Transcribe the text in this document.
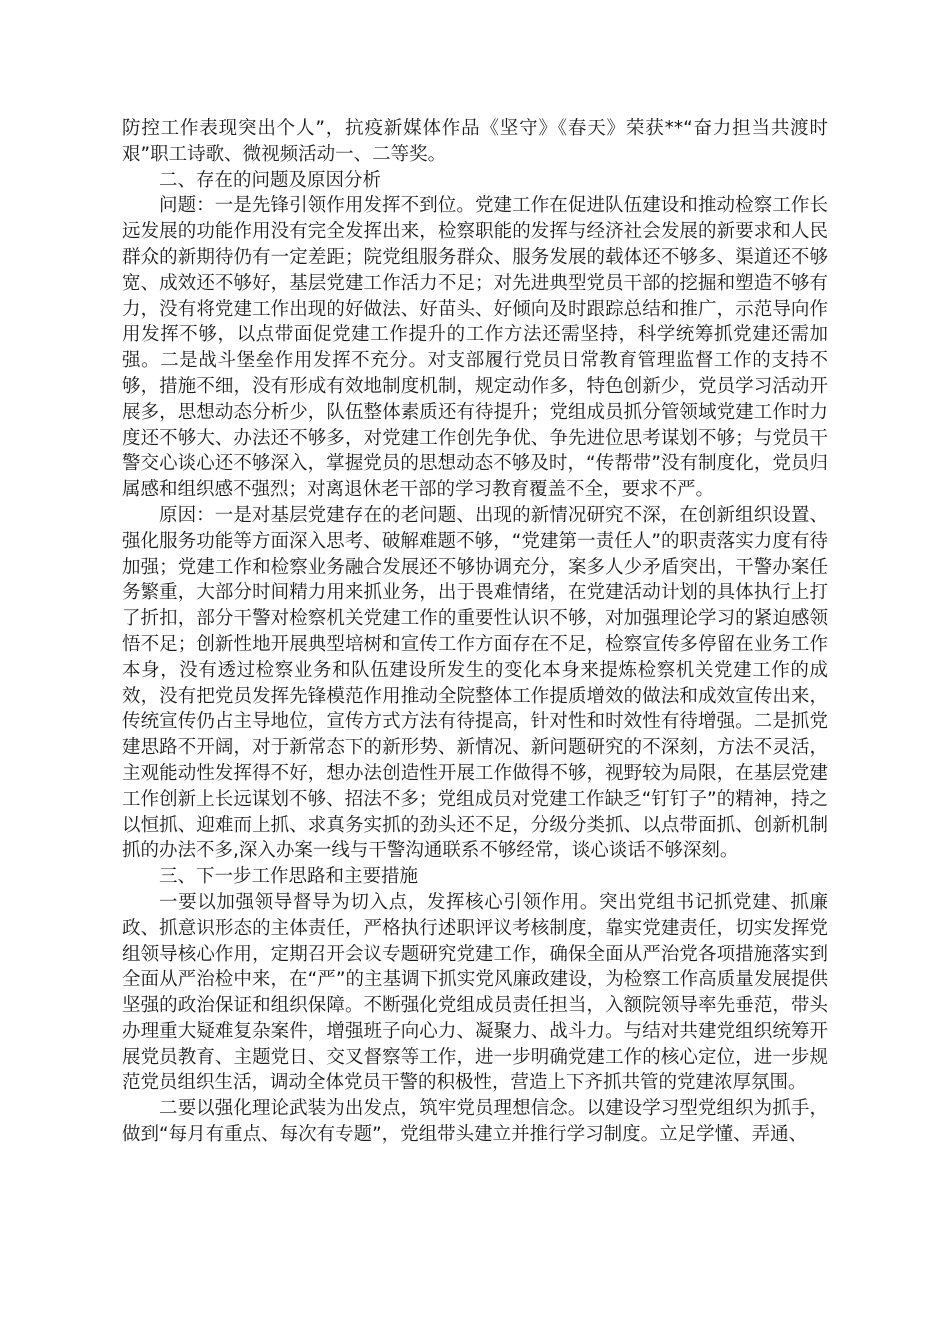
防控工作表现突出个人”，抗疫新媒体作品《坚守》《春天》荣获**“奋力担当共渡时艰”职工诗歌、微视频活动一、二等奖。

二、存在的问题及原因分析

问题：一是先锋引领作用发挥不到位。党建工作在促进队伍建设和推动检察工作长远发展的功能作用没有完全发挥出来，检察职能的发挥与经济社会发展的新要求和人民群众的新期待仍有一定差距；院党组服务群众、服务发展的载体还不够多、渠道还不够宽、成效还不够好，基层党建工作活力不足；对先进典型党员干部的挖掘和塑造不够有力，没有将党建工作出现的好做法、好苗头、好倾向及时跟踪总结和推广，示范导向作用发挥不够，以点带面促党建工作提升的工作方法还需坚持，科学统筹抓党建还需加强。二是战斗堡垒作用发挥不充分。对支部履行党员日常教育管理监督工作的支持不够，措施不细，没有形成有效地制度机制，规定动作多，特色创新少，党员学习活动开展多，思想动态分析少，队伍整体素质还有待提升；党组成员抓分管领域党建工作时力度还不够大、办法还不够多，对党建工作创先争优、争先进位思考谋划不够；与党员干警交心谈心还不够深入，掌握党员的思想动态不够及时，“传帮带”没有制度化，党员归属感和组织感不强烈；对离退休老干部的学习教育覆盖不全，要求不严。

原因：一是对基层党建存在的老问题、出现的新情况研究不深，在创新组织设置、强化服务功能等方面深入思考、破解难题不够，“党建第一责任人”的职责落实力度有待加强；党建工作和检察业务融合发展还不够协调充分，案多人少矛盾突出，干警办案任务繁重，大部分时间精力用来抓业务，出于畏难情绪，在党建活动计划的具体执行上打了折扣，部分干警对检察机关党建工作的重要性认识不够，对加强理论学习的紧迫感领悟不足；创新性地开展典型培树和宣传工作方面存在不足，检察宣传多停留在业务工作本身，没有透过检察业务和队伍建设所发生的变化本身来提炼检察机关党建工作的成效，没有把党员发挥先锋模范作用推动全院整体工作提质增效的做法和成效宣传出来，传统宣传仍占主导地位，宣传方式方法有待提高，针对性和时效性有待增强。二是抓党建思路不开阔，对于新常态下的新形势、新情况、新问题研究的不深刻，方法不灵活，主观能动性发挥得不好，想办法创造性开展工作做得不够，视野较为局限，在基层党建工作创新上长远谋划不够、招法不多；党组成员对党建工作缺乏“钉钉子”的精神，持之以恒抓、迎难而上抓、求真务实抓的劲头还不足，分级分类抓、以点带面抓、创新机制抓的办法不多,深入办案一线与干警沟通联系不够经常，谈心谈话不够深刻。

三、下一步工作思路和主要措施

一要以加强领导督导为切入点，发挥核心引领作用。突出党组书记抓党建、抓廉政、抓意识形态的主体责任，严格执行述职评议考核制度，靠实党建责任，切实发挥党组领导核心作用，定期召开会议专题研究党建工作，确保全面从严治党各项措施落实到全面从严治检中来，在“严”的主基调下抓实党风廉政建设，为检察工作高质量发展提供坚强的政治保证和组织保障。不断强化党组成员责任担当，入额院领导率先垂范，带头办理重大疑难复杂案件，增强班子向心力、凝聚力、战斗力。与结对共建党组织统筹开展党员教育、主题党日、交叉督察等工作，进一步明确党建工作的核心定位，进一步规范党员组织生活，调动全体党员干警的积极性，营造上下齐抓共管的党建浓厚氛围。

二要以强化理论武装为出发点，筑牢党员理想信念。以建设学习型党组织为抓手，做到“每月有重点、每次有专题”，党组带头建立并推行学习制度。立足学懂、弄通、
